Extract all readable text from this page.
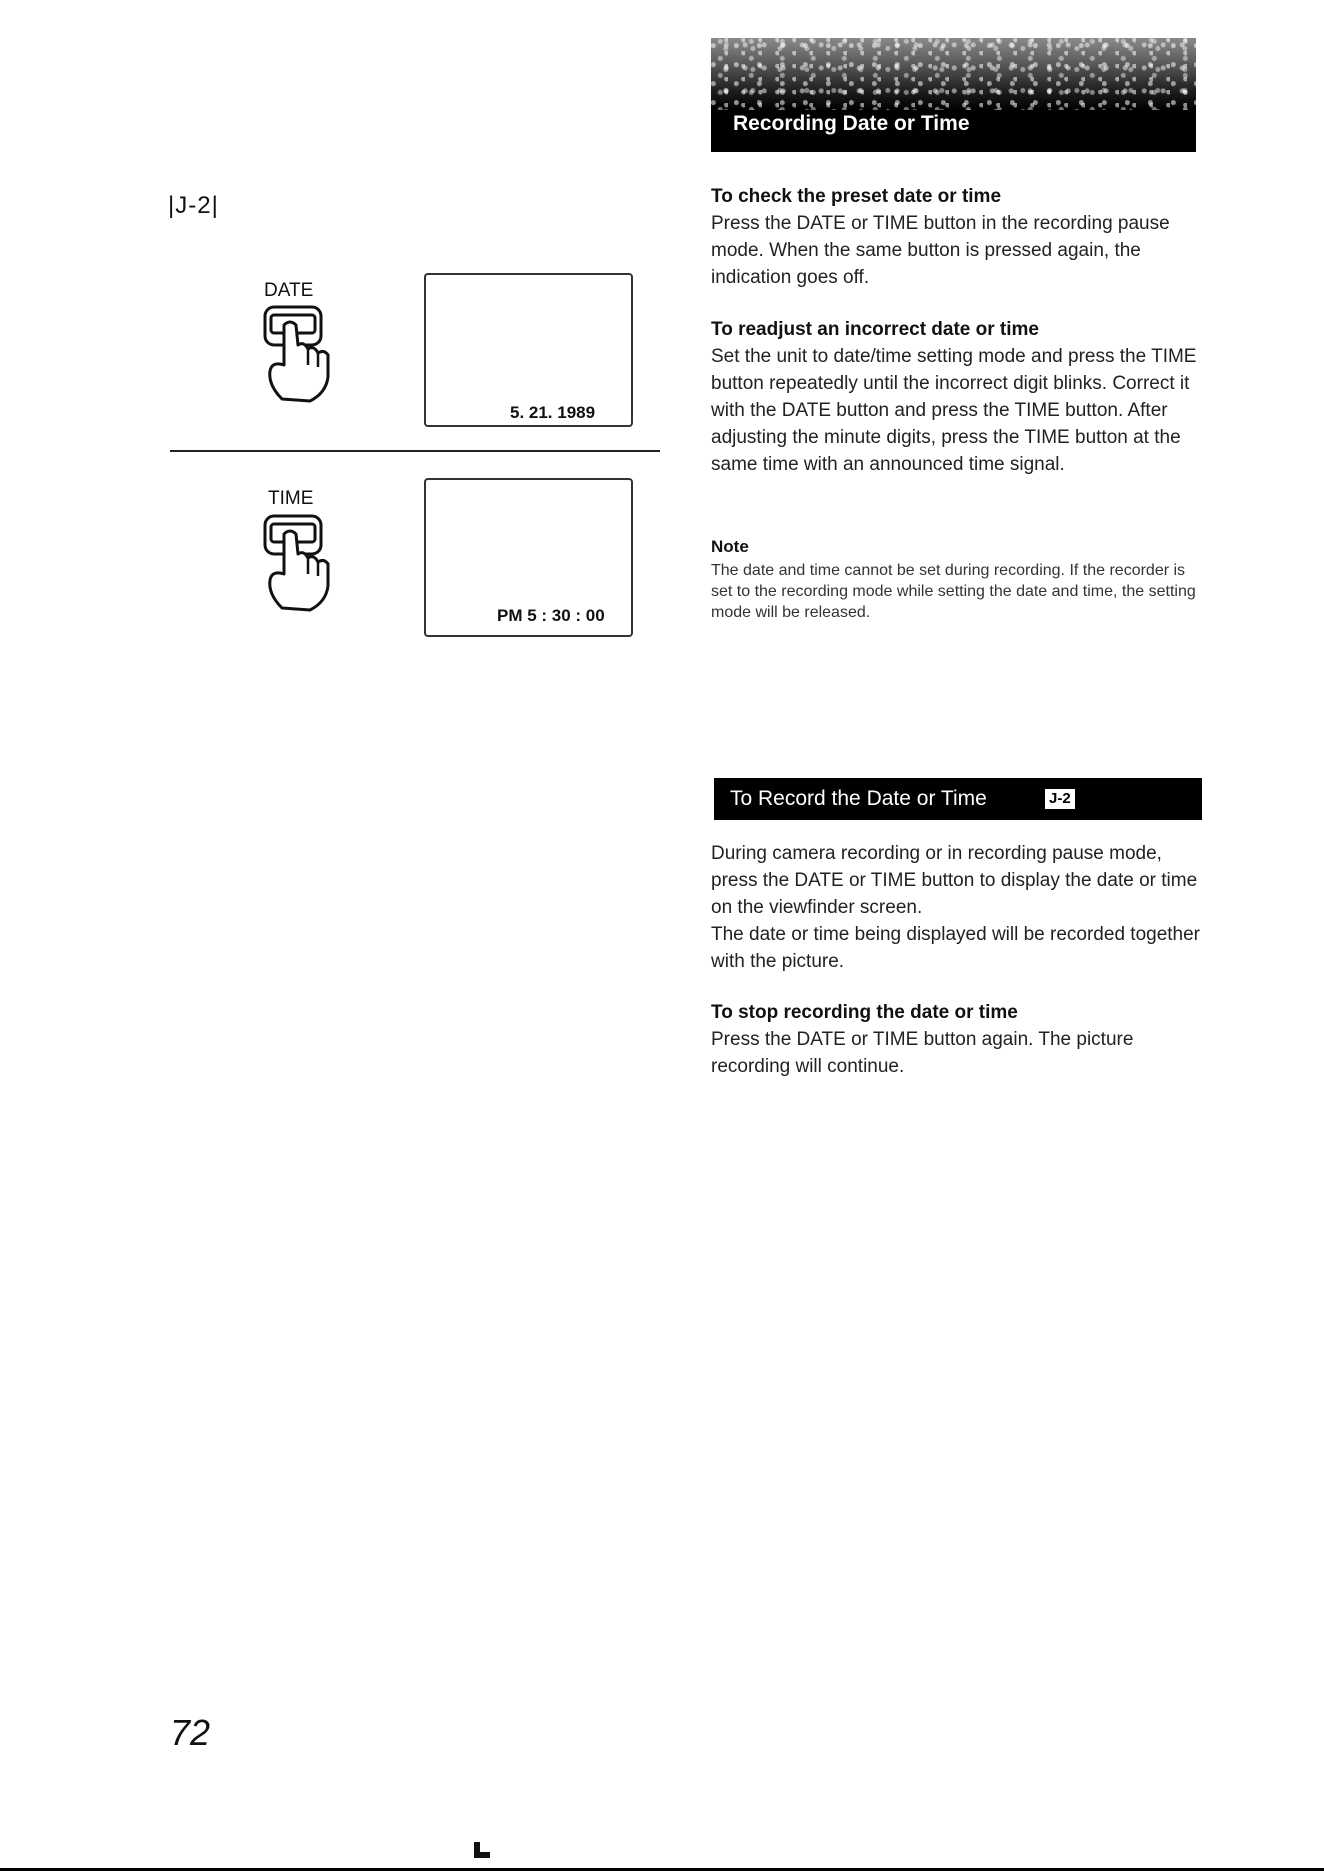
Recording Date or Time
|J-2|
DATE
5. 21. 1989
TIME
PM 5 : 30 : 00

To check the preset date or time

Press the DATE or TIME button in the recording pause mode. When the same button is pressed again, the indication goes off.

To readjust an incorrect date or time

Set the unit to date/time setting mode and press the TIME button repeatedly until the incorrect digit blinks. Correct it with the DATE button and press the TIME button. After adjusting the minute digits, press the TIME button at the same time with an announced time signal.

Note

The date and time cannot be set during recording. If the recorder is set to the recording mode while setting the date and time, the setting mode will be released.

To Record the Date or Time	J-2

During camera recording or in recording pause mode, press the DATE or TIME button to display the date or time on the viewfinder screen.

The date or time being displayed will be recorded together with the picture.

To stop recording the date or time

Press the DATE or TIME button again. The picture recording will continue.

72
